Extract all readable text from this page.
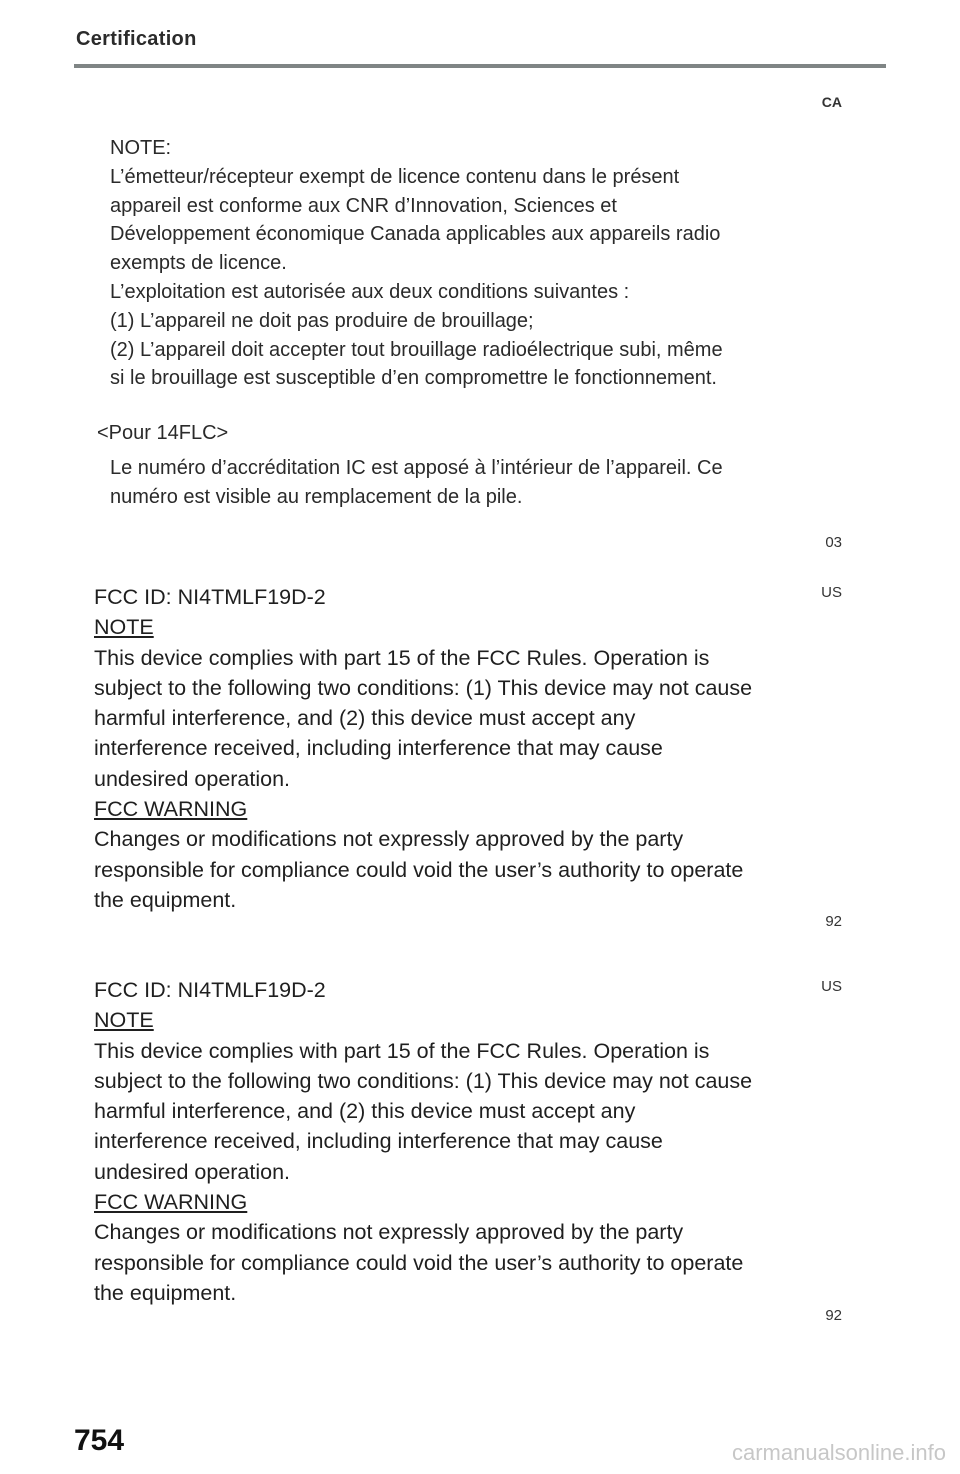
Certification
CA
NOTE:
L’émetteur/récepteur exempt de licence contenu dans le présent
appareil est conforme aux CNR d’Innovation, Sciences et
Développement économique Canada applicables aux appareils radio
exempts de licence.
L’exploitation est autorisée aux deux conditions suivantes :
(1) L’appareil ne doit pas produire de brouillage;
(2) L’appareil doit accepter tout brouillage radioélectrique subi, même
si le brouillage est susceptible d’en compromettre le fonctionnement.
<Pour 14FLC>
Le numéro d’accréditation IC est apposé à l’intérieur de l’appareil. Ce
numéro est visible au remplacement de la pile.
03
US
FCC ID: NI4TMLF19D-2
NOTE
This device complies with part 15 of the FCC Rules. Operation is
subject to the following two conditions: (1) This device may not cause
harmful interference, and (2) this device must accept any
interference received, including interference that may cause
undesired operation.
FCC WARNING
Changes or modifications not expressly approved by the party
responsible for compliance could void the user’s authority to operate
the equipment.
92
US
FCC ID: NI4TMLF19D-2
NOTE
This device complies with part 15 of the FCC Rules. Operation is
subject to the following two conditions: (1) This device may not cause
harmful interference, and (2) this device must accept any
interference received, including interference that may cause
undesired operation.
FCC WARNING
Changes or modifications not expressly approved by the party
responsible for compliance could void the user’s authority to operate
the equipment.
92
754	carmanualsonline.info
